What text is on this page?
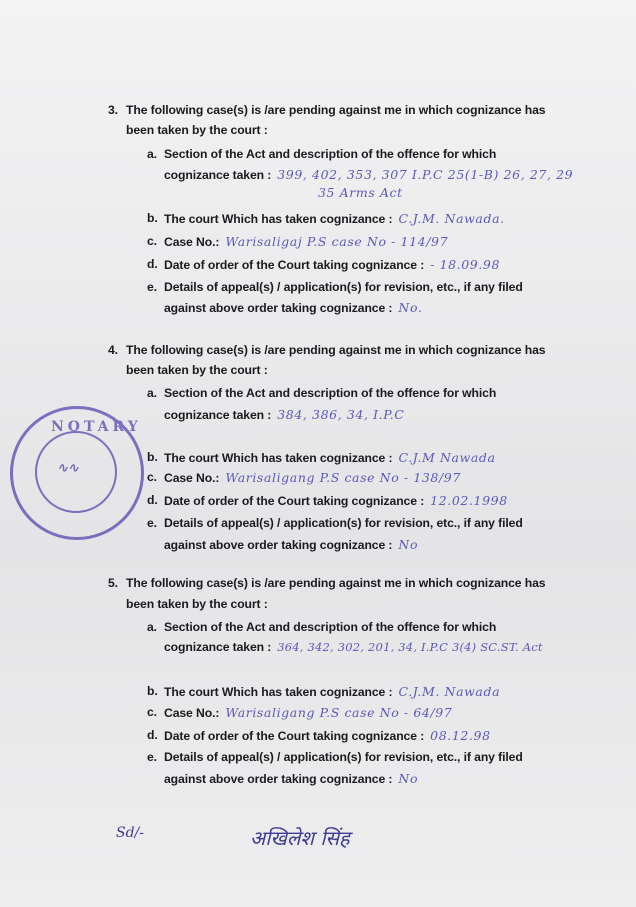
3. The following case(s) is /are pending against me in which cognizance has
been taken by the court :
a. Section of the Act and description of the offence for which
cognizance taken : 399, 402, 353, 307 I.P.C 25(1-B) 26, 27, 29
35 Arms Act
b. The court Which has taken cognizance : C.J.M. Nawada.
c. Case No.: Warisaligaj P.S case No - 114/97
d. Date of order of the Court taking cognizance : - 18.09.98
e. Details of appeal(s) / application(s) for revision, etc., if any filed
against above order taking cognizance : No.
4. The following case(s) is /are pending against me in which cognizance has
been taken by the court :
a. Section of the Act and description of the offence for which
cognizance taken : 384, 386, 34, I.P.C
b. The court Which has taken cognizance : C.J.M Nawada
c. Case No.: Warisaligang P.S case No - 138/97
d. Date of order of the Court taking cognizance : 12.02.1998
e. Details of appeal(s) / application(s) for revision, etc., if any filed
against above order taking cognizance : No
5. The following case(s) is /are pending against me in which cognizance has
been taken by the court :
a. Section of the Act and description of the offence for which
cognizance taken : 364, 342, 302, 201, 34, I.P.C 3(4) SC.ST. Act
b. The court Which has taken cognizance : C.J.M. Nawada
c. Case No.: Warisaligang P.S case No - 64/97
d. Date of order of the Court taking cognizance : 08.12.98
e. Details of appeal(s) / application(s) for revision, etc., if any filed
against above order taking cognizance : No
NOTARY
∿∿
Sd/-	अखिलेश सिंह
